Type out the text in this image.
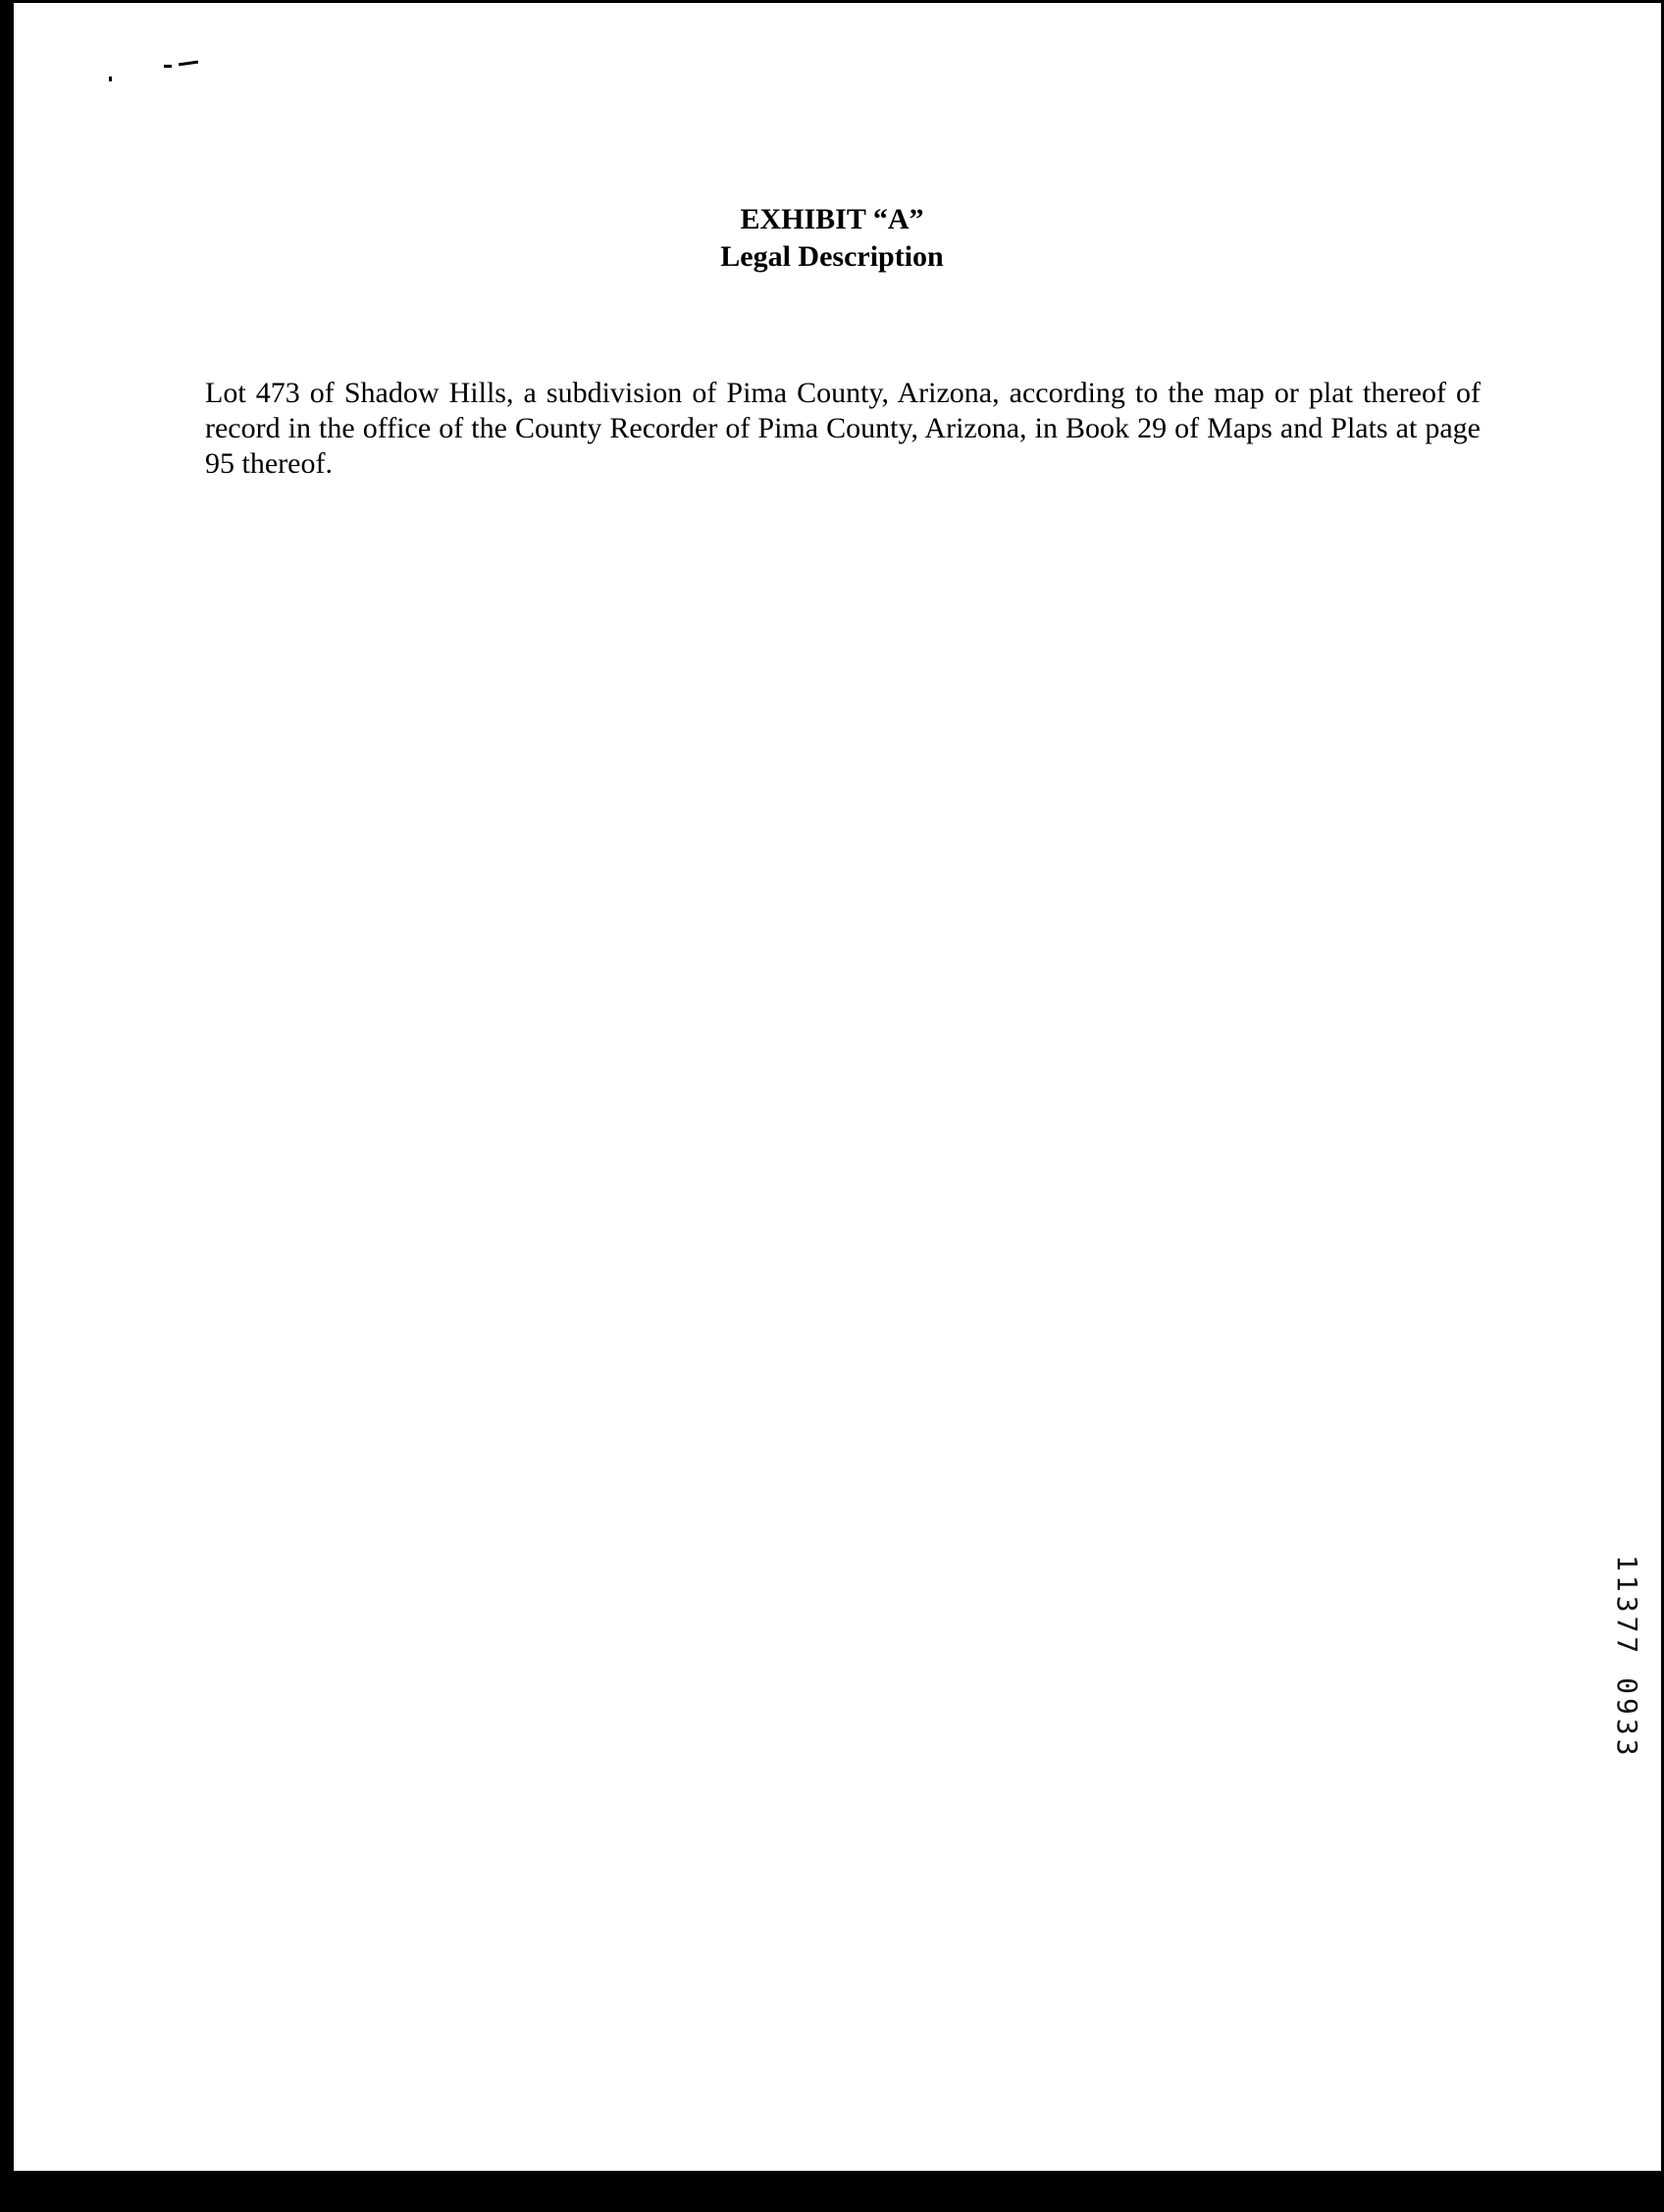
EXHIBIT “A”
Legal Description

Lot 473 of Shadow Hills, a subdivision of Pima County, Arizona, according to the map or plat thereof of record in the office of the County Recorder of Pima County, Arizona, in Book 29 of Maps and Plats at page 95 thereof.

11377 0933
